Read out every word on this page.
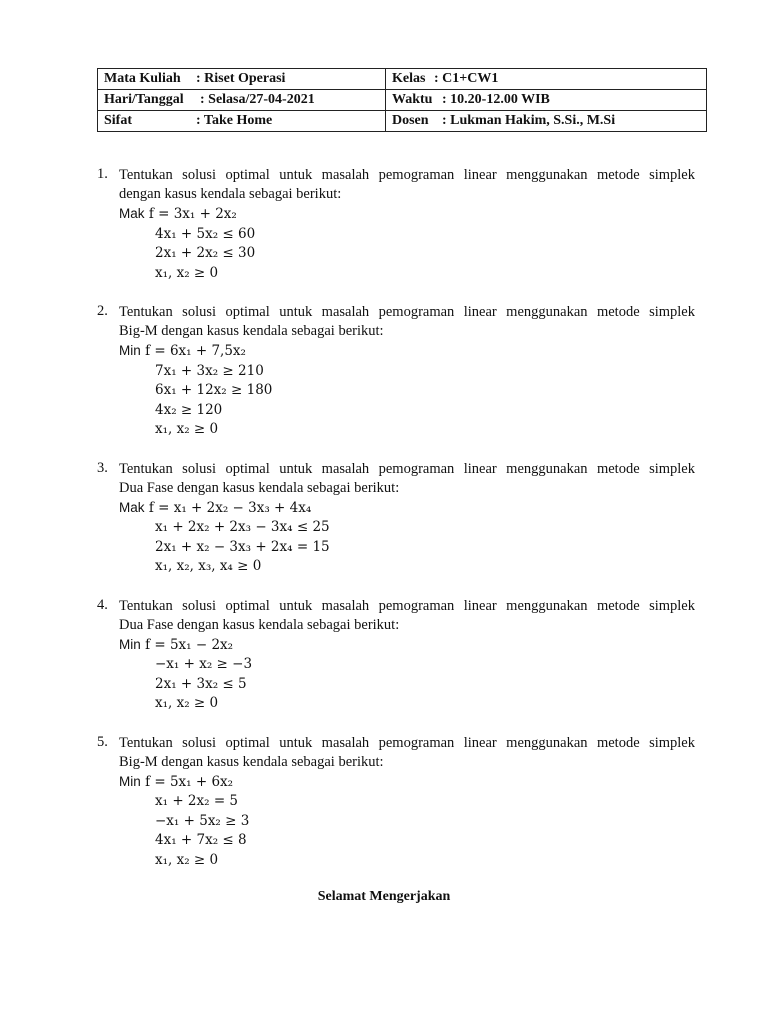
Mata Kuliah : Riset Operasi	Kelas : C1+CW1
Hari/Tanggal : Selasa/27-04-2021	Waktu : 10.20-12.00 WIB
Sifat : Take Home	Dosen : Lukman Hakim, S.Si., M.Si
1. Tentukan solusi optimal untuk masalah pemograman linear menggunakan metode simplek
dengan kasus kendala sebagai berikut:
Mak f = 3x₁ + 2x₂
4x₁ + 5x₂ ≤ 60
2x₁ + 2x₂ ≤ 30
x₁, x₂ ≥ 0
2. Tentukan solusi optimal untuk masalah pemograman linear menggunakan metode simplek
Big-M dengan kasus kendala sebagai berikut:
Min f = 6x₁ + 7,5x₂
7x₁ + 3x₂ ≥ 210
6x₁ + 12x₂ ≥ 180
4x₂ ≥ 120
x₁, x₂ ≥ 0
3. Tentukan solusi optimal untuk masalah pemograman linear menggunakan metode simplek
Dua Fase dengan kasus kendala sebagai berikut:
Mak f = x₁ + 2x₂ − 3x₃ + 4x₄
x₁ + 2x₂ + 2x₃ − 3x₄ ≤ 25
2x₁ + x₂ − 3x₃ + 2x₄ = 15
x₁, x₂, x₃, x₄ ≥ 0
4. Tentukan solusi optimal untuk masalah pemograman linear menggunakan metode simplek
Dua Fase dengan kasus kendala sebagai berikut:
Min f = 5x₁ − 2x₂
−x₁ + x₂ ≥ −3
2x₁ + 3x₂ ≤ 5
x₁, x₂ ≥ 0
5. Tentukan solusi optimal untuk masalah pemograman linear menggunakan metode simplek
Big-M dengan kasus kendala sebagai berikut:
Min f = 5x₁ + 6x₂
x₁ + 2x₂ = 5
−x₁ + 5x₂ ≥ 3
4x₁ + 7x₂ ≤ 8
x₁, x₂ ≥ 0
Selamat Mengerjakan
